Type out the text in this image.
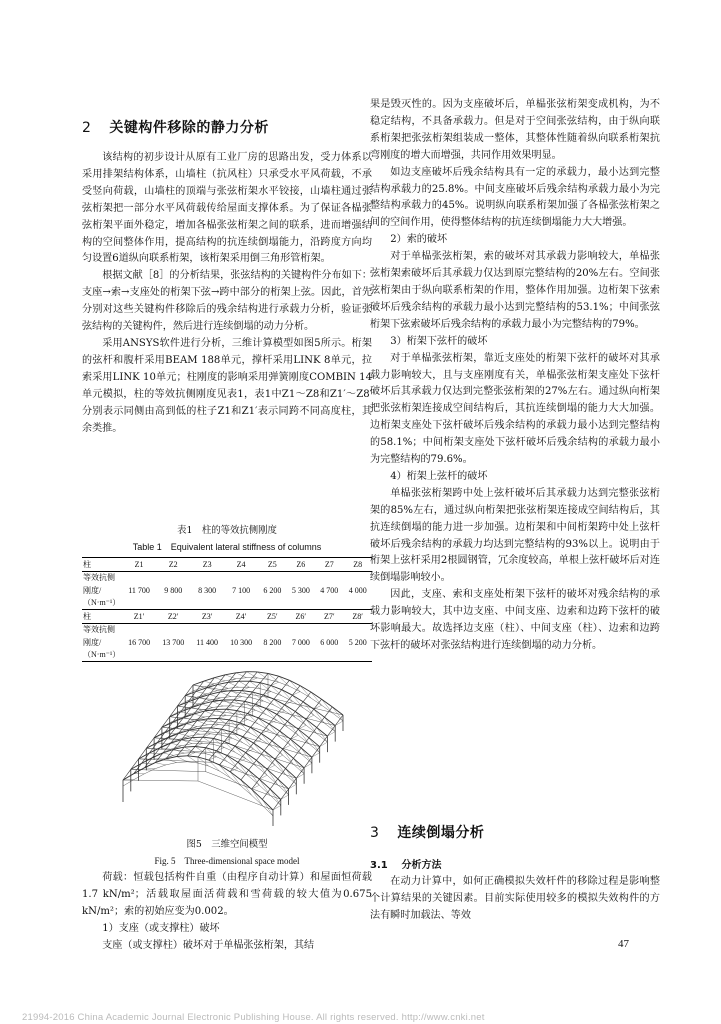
2 关键构件移除的静力分析

该结构的初步设计从原有工业厂房的思路出发，受力体系以采用排架结构体系，山墙柱（抗风柱）只承受水平风荷载，不承受竖向荷载，山墙柱的顶端与张弦桁架水平铰接，山墙柱通过张弦桁架把一部分水平风荷载传给屋面支撑体系。为了保证各榀张弦桁架平面外稳定，增加各榀张弦桁架之间的联系，进而增强结构的空间整体作用，提高结构的抗连续倒塌能力，沿跨度方向均匀设置6道纵向联系桁架，该桁架采用倒三角形管桁架。

根据文献［8］的分析结果，张弦结构的关键构件分布如下：支座→索→支座处的桁架下弦→跨中部分的桁架上弦。因此，首先分别对这些关键构件移除后的残余结构进行承载力分析，验证张弦结构的关键构件，然后进行连续倒塌的动力分析。

采用ANSYS软件进行分析，三维计算模型如图5所示。桁架的弦杆和腹杆采用BEAM 188单元，撑杆采用LINK 8单元，拉索采用LINK 10单元；柱刚度的影响采用弹簧刚度COMBIN 14单元模拟，柱的等效抗侧刚度见表1，表1中Z1～Z8和Z1′～Z8′分别表示同侧由高到低的柱子Z1和Z1′表示同跨不同高度柱，其余类推。

表1　柱的等效抗侧刚度
Table 1　Equivalent lateral stiffness of columns
柱	Z1	Z2	Z3	Z4	Z5	Z6	Z7	Z8
等效抗侧								
刚度/	11 700	9 800	8 300	7 100	6 200	5 300	4 700	4 000
（N·m⁻¹）								
柱	Z1′	Z2′	Z3′	Z4′	Z5′	Z6′	Z7′	Z8′
等效抗侧								
刚度/	16 700	13 700	11 400	10 300	8 200	7 000	6 000	5 200
（N·m⁻¹）								
图5　三维空间模型
Fig. 5　Three-dimensional space model

荷载：恒载包括构件自重（由程序自动计算）和屋面恒荷载1.7 kN/m²；活载取屋面活荷载和雪荷载的较大值为0.675 kN/m²；索的初始应变为0.002。

1）支座（或支撑柱）破坏

支座（或支撑柱）破坏对于单榀张弦桁架，其结

果是毁灭性的。因为支座破坏后，单榀张弦桁架变成机构，为不稳定结构，不具备承载力。但是对于空间张弦结构，由于纵向联系桁架把张弦桁架组装成一整体，其整体性随着纵向联系桁架抗弯刚度的增大而增强，共同作用效果明显。

如边支座破坏后残余结构具有一定的承载力，最小达到完整结构承载力的25.8%。中间支座破坏后残余结构承载力最小为完整结构承载力的45%。说明纵向联系桁架加强了各榀张弦桁架之间的空间作用，使得整体结构的抗连续倒塌能力大大增强。

2）索的破坏

对于单榀张弦桁架，索的破坏对其承载力影响较大，单榀张弦桁架索破坏后其承载力仅达到原完整结构的20%左右。空间张弦桁架由于纵向联系桁架的作用，整体作用加强。边桁架下弦索破坏后残余结构的承载力最小达到完整结构的53.1%；中间张弦桁架下弦索破坏后残余结构的承载力最小为完整结构的79%。

3）桁架下弦杆的破坏

对于单榀张弦桁架，靠近支座处的桁架下弦杆的破坏对其承载力影响较大，且与支座刚度有关，单榀张弦桁架支座处下弦杆破坏后其承载力仅达到完整张弦桁架的27%左右。通过纵向桁架把张弦桁架连接成空间结构后，其抗连续倒塌的能力大大加强。边桁架支座处下弦杆破坏后残余结构的承载力最小达到完整结构的58.1%；中间桁架支座处下弦杆破坏后残余结构的承载力最小为完整结构的79.6%。

4）桁架上弦杆的破坏

单榀张弦桁架跨中处上弦杆破坏后其承载力达到完整张弦桁架的85%左右，通过纵向桁架把张弦桁架连接成空间结构后，其抗连续倒塌的能力进一步加强。边桁架和中间桁架跨中处上弦杆破坏后残余结构的承载力均达到完整结构的93%以上。说明由于桁架上弦杆采用2根圆钢管，冗余度较高，单根上弦杆破坏后对连续倒塌影响较小。

因此，支座、索和支座处桁架下弦杆的破坏对残余结构的承载力影响较大，其中边支座、中间支座、边索和边跨下弦杆的破坏影响最大。故选择边支座（柱）、中间支座（柱）、边索和边跨下弦杆的破坏对张弦结构进行连续倒塌的动力分析。

3 连续倒塌分析
3.1 分析方法

在动力计算中，如何正确模拟失效杆件的移除过程是影响整个计算结果的关键因素。目前实际使用较多的模拟失效构件的方法有瞬时加载法、等效

47
21994-2016 China Academic Journal Electronic Publishing House. All rights reserved. http://www.cnki.net
